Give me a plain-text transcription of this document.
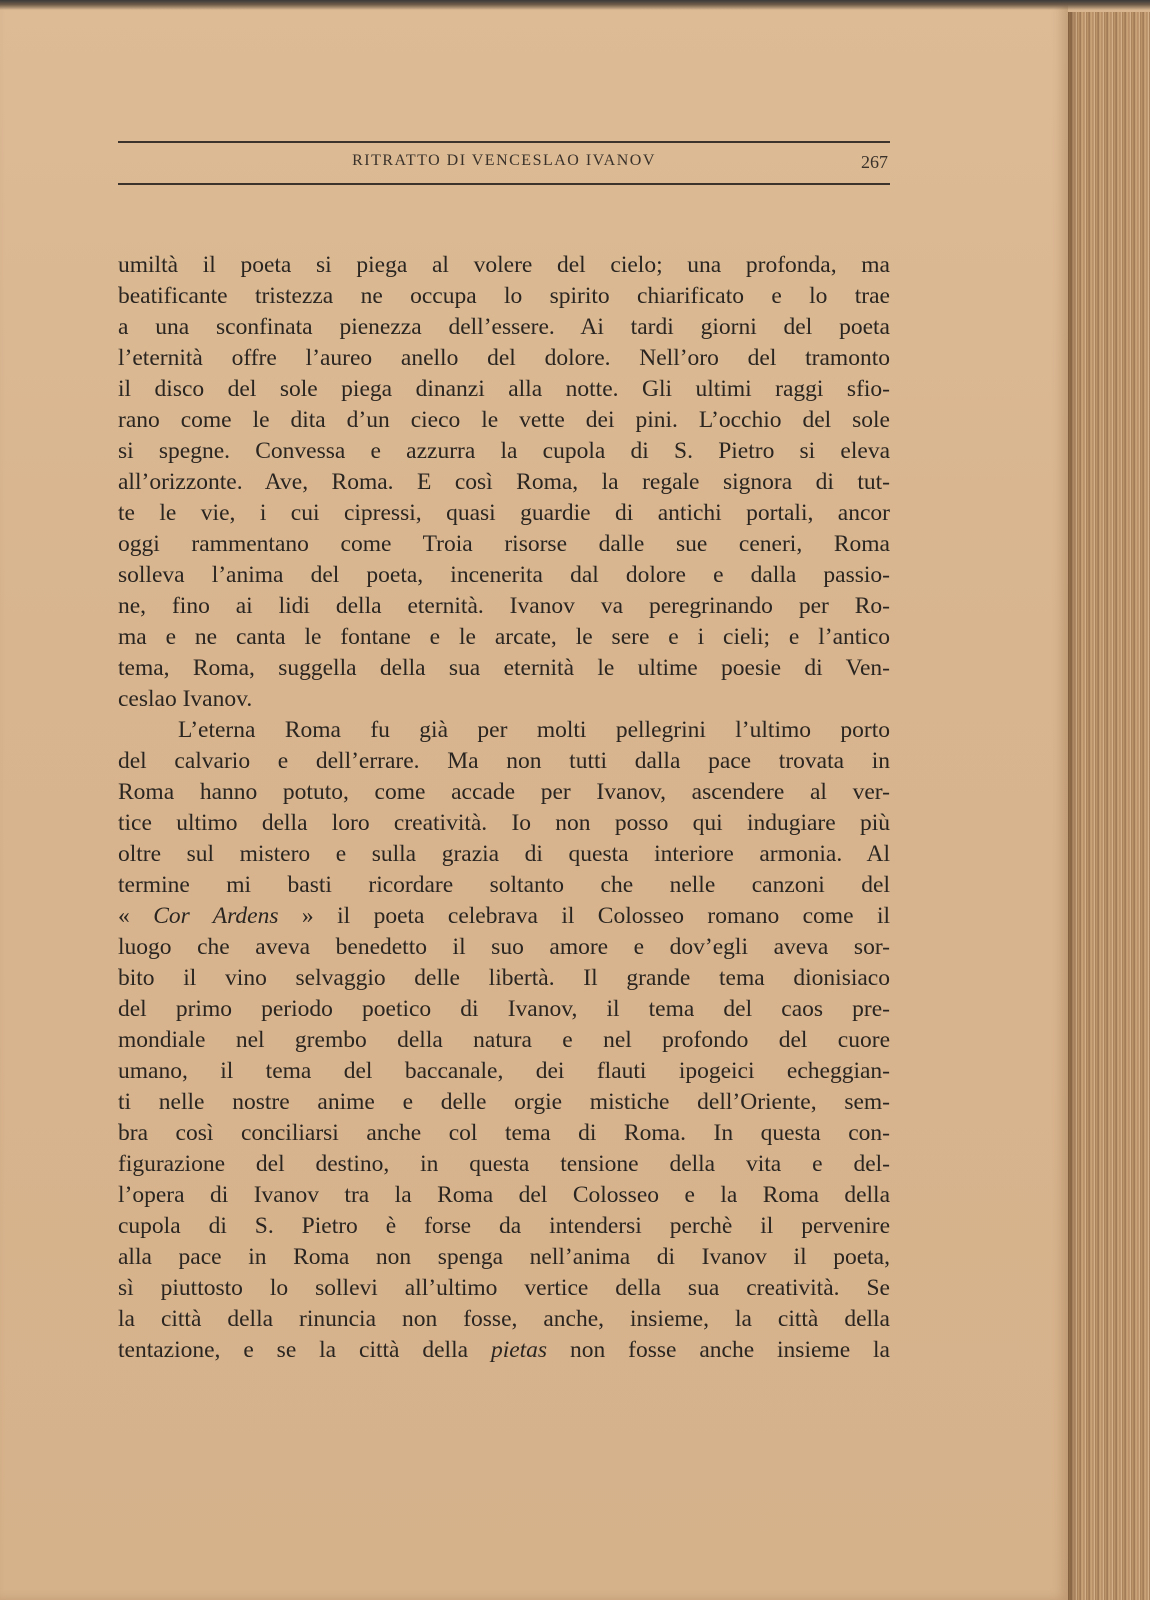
RITRATTO DI VENCESLAO IVANOV	267
umiltà il poeta si piega al volere del cielo; una profonda, ma
beatificante tristezza ne occupa lo spirito chiarificato e lo trae
a una sconfinata pienezza dell’essere. Ai tardi giorni del poeta
l’eternità offre l’aureo anello del dolore. Nell’oro del tramonto
il disco del sole piega dinanzi alla notte. Gli ultimi raggi sfio-
rano come le dita d’un cieco le vette dei pini. L’occhio del sole
si spegne. Convessa e azzurra la cupola di S. Pietro si eleva
all’orizzonte. Ave, Roma. E così Roma, la regale signora di tut-
te le vie, i cui cipressi, quasi guardie di antichi portali, ancor
oggi rammentano come Troia risorse dalle sue ceneri, Roma
solleva l’anima del poeta, incenerita dal dolore e dalla passio-
ne, fino ai lidi della eternità. Ivanov va peregrinando per Ro-
ma e ne canta le fontane e le arcate, le sere e i cieli; e l’antico
tema, Roma, suggella della sua eternità le ultime poesie di Ven-
ceslao Ivanov.
L’eterna Roma fu già per molti pellegrini l’ultimo porto
del calvario e dell’errare. Ma non tutti dalla pace trovata in
Roma hanno potuto, come accade per Ivanov, ascendere al ver-
tice ultimo della loro creatività. Io non posso qui indugiare più
oltre sul mistero e sulla grazia di questa interiore armonia. Al
termine mi basti ricordare soltanto che nelle canzoni del
« Cor Ardens » il poeta celebrava il Colosseo romano come il
luogo che aveva benedetto il suo amore e dov’egli aveva sor-
bito il vino selvaggio delle libertà. Il grande tema dionisiaco
del primo periodo poetico di Ivanov, il tema del caos pre-
mondiale nel grembo della natura e nel profondo del cuore
umano, il tema del baccanale, dei flauti ipogeici echeggian-
ti nelle nostre anime e delle orgie mistiche dell’Oriente, sem-
bra così conciliarsi anche col tema di Roma. In questa con-
figurazione del destino, in questa tensione della vita e del-
l’opera di Ivanov tra la Roma del Colosseo e la Roma della
cupola di S. Pietro è forse da intendersi perchè il pervenire
alla pace in Roma non spenga nell’anima di Ivanov il poeta,
sì piuttosto lo sollevi all’ultimo vertice della sua creatività. Se
la città della rinuncia non fosse, anche, insieme, la città della
tentazione, e se la città della pietas non fosse anche insieme la
